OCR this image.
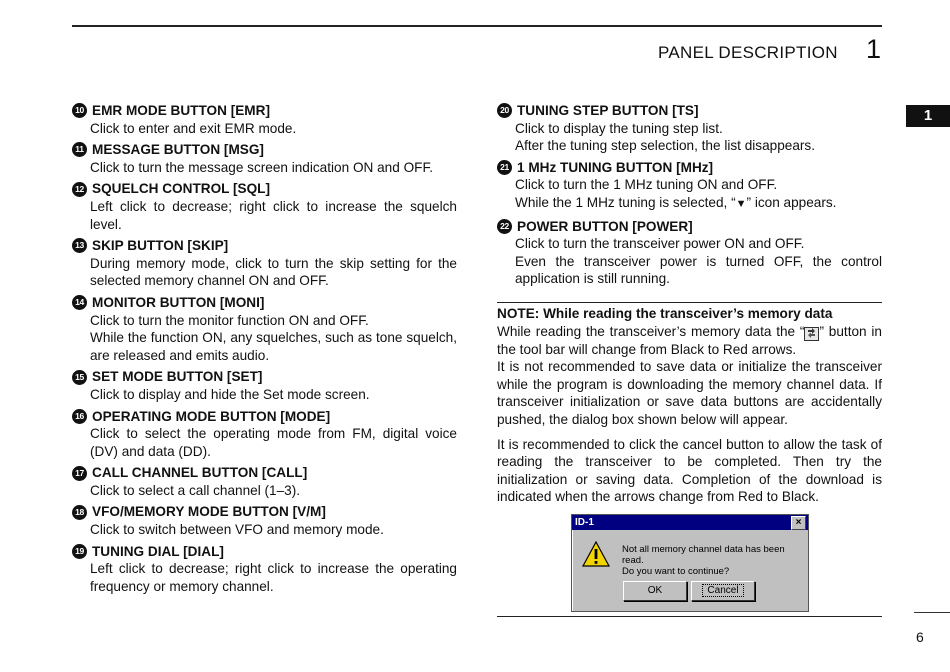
PANEL DESCRIPTION 1
1
10 EMR MODE BUTTON [EMR]
Click to enter and exit EMR mode.
11 MESSAGE BUTTON [MSG]
Click to turn the message screen indication ON and OFF.
12 SQUELCH CONTROL [SQL]
Left click to decrease; right click to increase the squelch level.
13 SKIP BUTTON [SKIP]
During memory mode, click to turn the skip setting for the selected memory channel ON and OFF.
14 MONITOR BUTTON [MONI]
Click to turn the monitor function ON and OFF.
While the function ON, any squelches, such as tone squelch, are released and emits audio.
15 SET MODE BUTTON [SET]
Click to display and hide the Set mode screen.
16 OPERATING MODE BUTTON [MODE]
Click to select the operating mode from FM, digital voice (DV) and data (DD).
17 CALL CHANNEL BUTTON [CALL]
Click to select a call channel (1–3).
18 VFO/MEMORY MODE BUTTON [V/M]
Click to switch between VFO and memory mode.
19 TUNING DIAL [DIAL]
Left click to decrease; right click to increase the operating frequency or memory channel.
20 TUNING STEP BUTTON [TS]
Click to display the tuning step list.
After the tuning step selection, the list disappears.
21 1 MHz TUNING BUTTON [MHz]
Click to turn the 1 MHz tuning ON and OFF.
While the 1 MHz tuning is selected, “▼” icon appears.
22 POWER BUTTON [POWER]
Click to turn the transceiver power ON and OFF.
Even the transceiver power is turned OFF, the control application is still running.
NOTE: While reading the transceiver’s memory data

While reading the transceiver’s memory data the “ ” button in the tool bar will change from Black to Red arrows.

It is not recommended to save data or initialize the transceiver while the program is downloading the memory channel data. If transceiver initialization or save data buttons are accidentally pushed, the dialog box shown below will appear.

It is recommended to click the cancel button to allow the task of reading the transceiver to be completed. Then try the initialization or saving data. Completion of the download is indicated when the arrows change from Red to Black.

ID-1	×
Not all memory channel data has been read.
Do you want to continue?
OK	Cancel
6
